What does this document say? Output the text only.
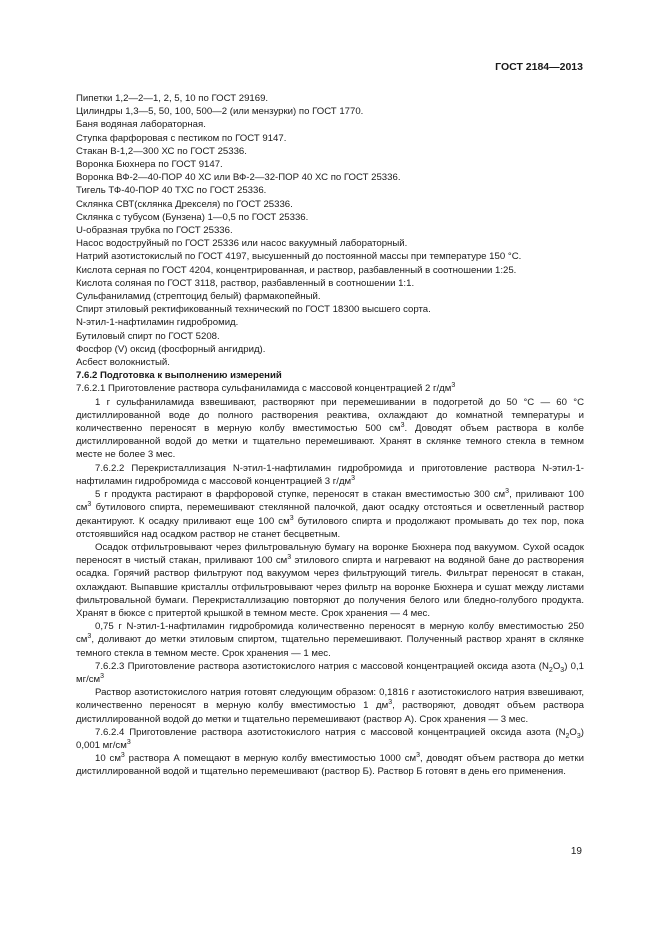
ГОСТ 2184—2013

Пипетки 1,2—2—1, 2, 5, 10 по ГОСТ 29169.

Цилиндры 1,3—5, 50, 100, 500—2 (или мензурки) по ГОСТ 1770.

Баня водяная лабораторная.

Ступка фарфоровая с пестиком по ГОСТ 9147.

Стакан В-1,2—300 ХС по ГОСТ 25336.

Воронка Бюхнера по ГОСТ 9147.

Воронка ВФ-2—40-ПОР 40 ХС или ВФ-2—32-ПОР 40 ХС по ГОСТ 25336.

Тигель ТФ-40-ПОР 40 ТХС по ГОСТ 25336.

Склянка СВТ(склянка Дрекселя) по ГОСТ 25336.

Склянка с тубусом (Бунзена) 1—0,5 по ГОСТ 25336.

U-образная трубка по ГОСТ 25336.

Насос водоструйный по ГОСТ 25336 или насос вакуумный лабораторный.

Натрий азотистокислый по ГОСТ 4197, высушенный до постоянной массы при температуре 150 °С.

Кислота серная по ГОСТ 4204, концентрированная, и раствор, разбавленный в соотношении 1:25.

Кислота соляная по ГОСТ 3118, раствор, разбавленный в соотношении 1:1.

Сульфаниламид (стрептоцид белый) фармакопейный.

Спирт этиловый ректификованный технический по ГОСТ 18300 высшего сорта.

N-этил-1-нафтиламин гидробромид.

Бутиловый спирт по ГОСТ 5208.

Фосфор (V) оксид (фосфорный ангидрид).

Асбест волокнистый.

7.6.2 Подготовка к выполнению измерений

7.6.2.1 Приготовление раствора сульфаниламида с массовой концентрацией 2 $г/дм^3$

1 г сульфаниламида взвешивают, растворяют при перемешивании в подогретой до 50 °С — 60 °С дистиллированной воде до полного растворения реактива, охлаждают до комнатной температуры и количественно переносят в мерную колбу вместимостью 500 $см^3$. Доводят объем раствора в колбе дистиллированной водой до метки и тщательно перемешивают. Хранят в склянке темного стекла в темном месте не более 3 мес.

7.6.2.2 Перекристаллизация N-этил-1-нафтиламин гидробромида и приготовление раствора N-этил-1-нафтиламин гидробромида с массовой концентрацией 3 $г/дм^3$

5 г продукта растирают в фарфоровой ступке, переносят в стакан вместимостью 300 $см^3$, приливают 100 $см^3$ бутилового спирта, перемешивают стеклянной палочкой, дают осадку отстояться и осветленный раствор декантируют. К осадку приливают еще 100 $см^3$ бутилового спирта и продолжают промывать до тех пор, пока отстоявшийся над осадком раствор не станет бесцветным.

Осадок отфильтровывают через фильтровальную бумагу на воронке Бюхнера под вакуумом. Сухой осадок переносят в чистый стакан, приливают 100 $см^3$ этилового спирта и нагревают на водяной бане до растворения осадка. Горячий раствор фильтруют под вакуумом через фильтрующий тигель. Фильтрат переносят в стакан, охлаждают. Выпавшие кристаллы отфильтровывают через фильтр на воронке Бюхнера и сушат между листами фильтровальной бумаги. Перекристаллизацию повторяют до получения белого или бледно-голубого продукта. Хранят в бюксе с притертой крышкой в темном месте. Срок хранения — 4 мес.

0,75 г N-этил-1-нафтиламин гидробромида количественно переносят в мерную колбу вместимостью 250 $см^3$, доливают до метки этиловым спиртом, тщательно перемешивают. Полученный раствор хранят в склянке темного стекла в темном месте. Срок хранения — 1 мес.

7.6.2.3 Приготовление раствора азотистокислого натрия с массовой концентрацией оксида азота $(N_2O_3)$ 0,1 $мг/см^3$

Раствор азотистокислого натрия готовят следующим образом: 0,1816 г азотистокислого натрия взвешивают, количественно переносят в мерную колбу вместимостью 1 $дм^3$, растворяют, доводят объем раствора дистиллированной водой до метки и тщательно перемешивают (раствор А). Срок хранения — 3 мес.

7.6.2.4 Приготовление раствора азотистокислого натрия с массовой концентрацией оксида азота $(N_2O_3)$ 0,001 $мг/см^3$

10 $см^3$ раствора А помещают в мерную колбу вместимостью 1000 $см^3$, доводят объем раствора до метки дистиллированной водой и тщательно перемешивают (раствор Б). Раствор Б готовят в день его применения.

19
